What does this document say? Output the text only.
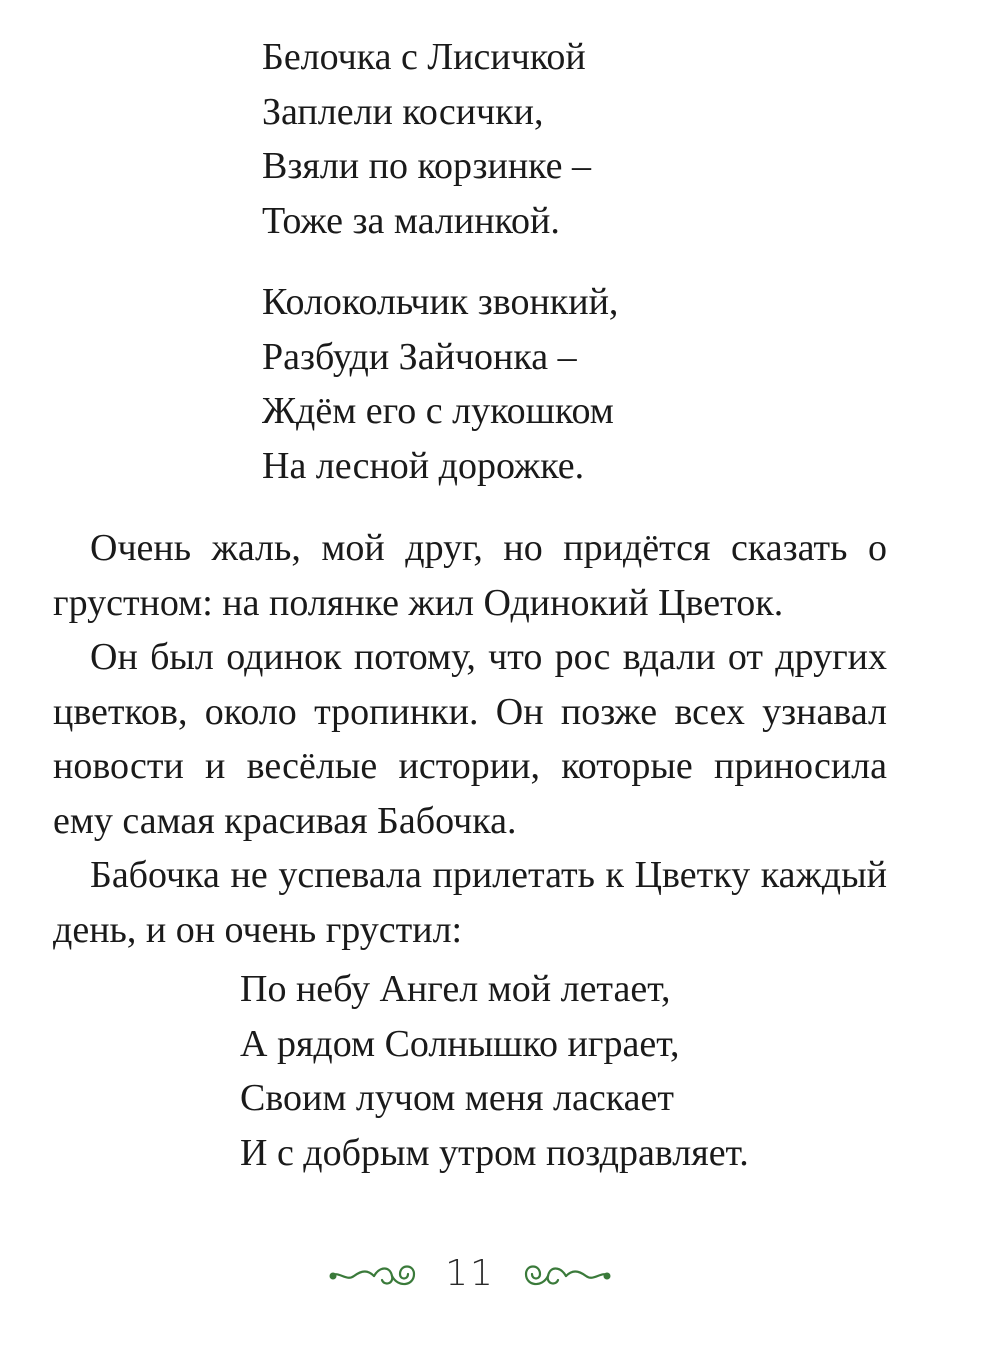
Белочка с Лисичкой
Заплели косички,
Взяли по корзинке –
Тоже за малинкой.
Колокольчик звонкий,
Разбуди Зайчонка –
Ждём его с лукошком
На лесной дорожке.

Очень жаль, мой друг, но придётся сказать о грустном: на полянке жил Одинокий Цветок.

Он был одинок потому, что рос вдали от других цветков, около тропинки. Он позже всех узнавал новости и весёлые истории, которые приносила ему самая красивая Бабочка.

Бабочка не успевала прилетать к Цветку каждый день, и он очень грустил:

По небу Ангел мой летает,
А рядом Солнышко играет,
Своим лучом меня ласкает
И с добрым утром поздравляет.
11
